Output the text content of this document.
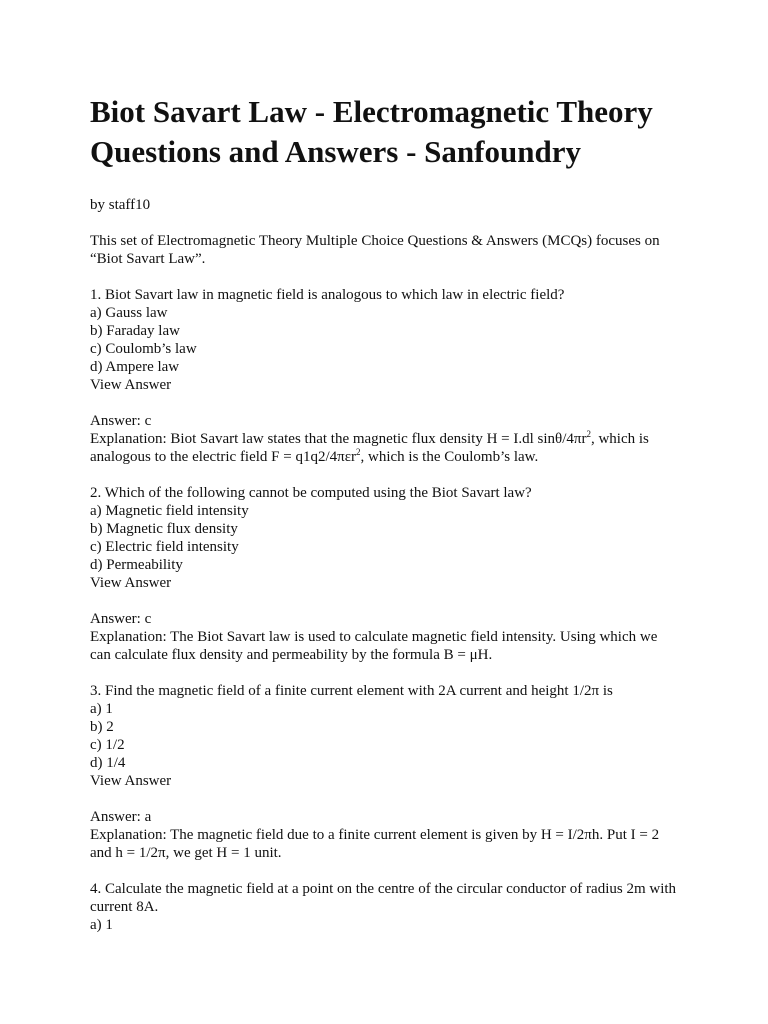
Biot Savart Law - Electromagnetic Theory Questions and Answers - Sanfoundry
by staff10
This set of Electromagnetic Theory Multiple Choice Questions & Answers (MCQs) focuses on “Biot Savart Law”.
1. Biot Savart law in magnetic field is analogous to which law in electric field?
a) Gauss law
b) Faraday law
c) Coulomb’s law
d) Ampere law
View Answer
Answer: c
Explanation: Biot Savart law states that the magnetic flux density H = I.dl sinθ/$4\pi r^2$, which is analogous to the electric field F = q1q2/4πεr$^2$, which is the Coulomb’s law.
2. Which of the following cannot be computed using the Biot Savart law?
a) Magnetic field intensity
b) Magnetic flux density
c) Electric field intensity
d) Permeability
View Answer
Answer: c
Explanation: The Biot Savart law is used to calculate magnetic field intensity. Using which we can calculate flux density and permeability by the formula B = μH.
3. Find the magnetic field of a finite current element with 2A current and height 1/2π is
a) 1
b) 2
c) 1/2
d) 1/4
View Answer
Answer: a
Explanation: The magnetic field due to a finite current element is given by H = I/2πh. Put I = 2 and h = 1/2π, we get H = 1 unit.
4. Calculate the magnetic field at a point on the centre of the circular conductor of radius 2m with current 8A.
a) 1
